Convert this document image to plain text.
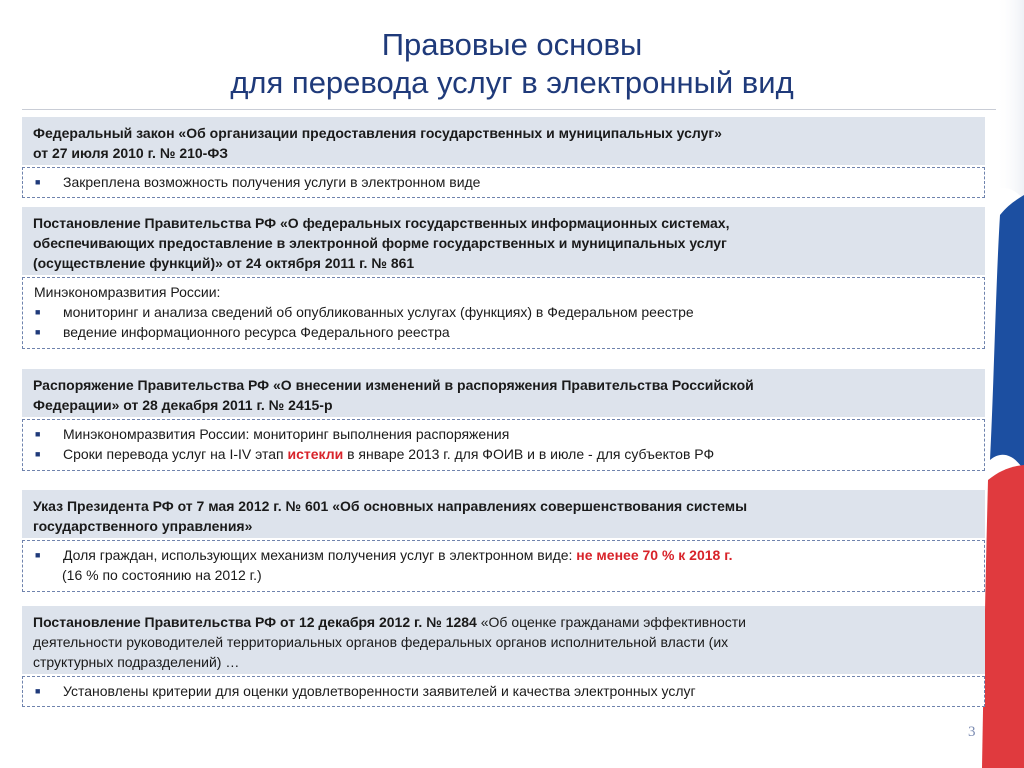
Правовые основы
для перевода услуг в электронный вид
Федеральный закон «Об организации предоставления государственных и муниципальных услуг»
от 27 июля 2010 г. № 210-ФЗ
■	Закреплена возможность получения услуги в электронном виде
Постановление Правительства РФ «О федеральных государственных информационных системах,
обеспечивающих предоставление в электронной форме государственных и муниципальных услуг
(осуществление функций)» от 24 октября 2011 г. № 861
Минэкономразвития России:
■	мониторинг и анализа сведений об опубликованных услугах (функциях) в Федеральном реестре
■	ведение информационного ресурса Федерального реестра
Распоряжение Правительства РФ «О внесении изменений в распоряжения Правительства Российской
Федерации» от 28 декабря 2011 г. № 2415-р
■	Минэкономразвития России: мониторинг выполнения распоряжения
■	Сроки перевода услуг на I-IV этап истекли в январе 2013 г. для ФОИВ и в июле - для субъектов РФ
Указ Президента РФ от 7 мая 2012 г. № 601 «Об основных направлениях совершенствования системы
государственного управления»
■	Доля граждан, использующих механизм получения услуг в электронном виде: не менее 70 % к 2018 г.
(16 % по состоянию на 2012 г.)
Постановление Правительства РФ от 12 декабря 2012 г. № 1284 «Об оценке гражданами эффективности
деятельности руководителей территориальных органов федеральных органов исполнительной власти (их
структурных подразделений) …
■	Установлены критерии для оценки удовлетворенности заявителей и качества электронных услуг
3
